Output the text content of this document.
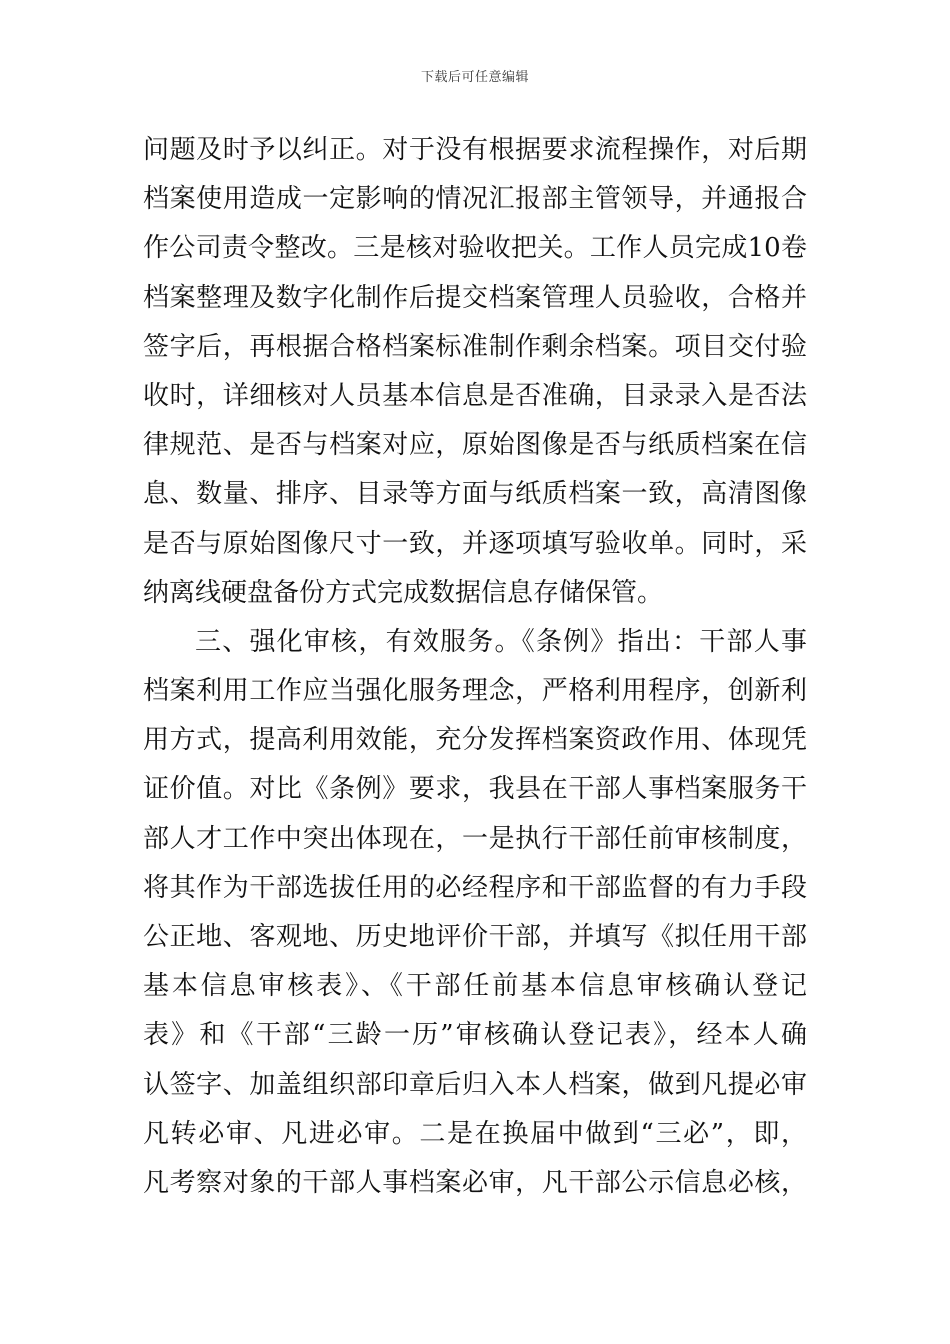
下载后可任意编辑
问题及时予以纠正。对于没有根据要求流程操作，对后期
档案使用造成一定影响的情况汇报部主管领导，并通报合
作公司责令整改。三是核对验收把关。工作人员完成10卷
档案整理及数字化制作后提交档案管理人员验收，合格并
签字后，再根据合格档案标准制作剩余档案。项目交付验
收时，详细核对人员基本信息是否准确，目录录入是否法
律规范、是否与档案对应，原始图像是否与纸质档案在信
息、数量、排序、目录等方面与纸质档案一致，高清图像
是否与原始图像尺寸一致，并逐项填写验收单。同时，采
纳离线硬盘备份方式完成数据信息存储保管。
三、强化审核，有效服务。《条例》指出：干部人事
档案利用工作应当强化服务理念，严格利用程序，创新利
用方式，提高利用效能，充分发挥档案资政作用、体现凭
证价值。对比《条例》要求，我县在干部人事档案服务干
部人才工作中突出体现在，一是执行干部任前审核制度，
将其作为干部选拔任用的必经程序和干部监督的有力手段
公正地、客观地、历史地评价干部，并填写《拟任用干部
基本信息审核表》、《干部任前基本信息审核确认登记
表》和《干部“三龄一历”审核确认登记表》，经本人确
认签字、加盖组织部印章后归入本人档案，做到凡提必审
凡转必审、凡进必审。二是在换届中做到“三必”，即，
凡考察对象的干部人事档案必审，凡干部公示信息必核，
